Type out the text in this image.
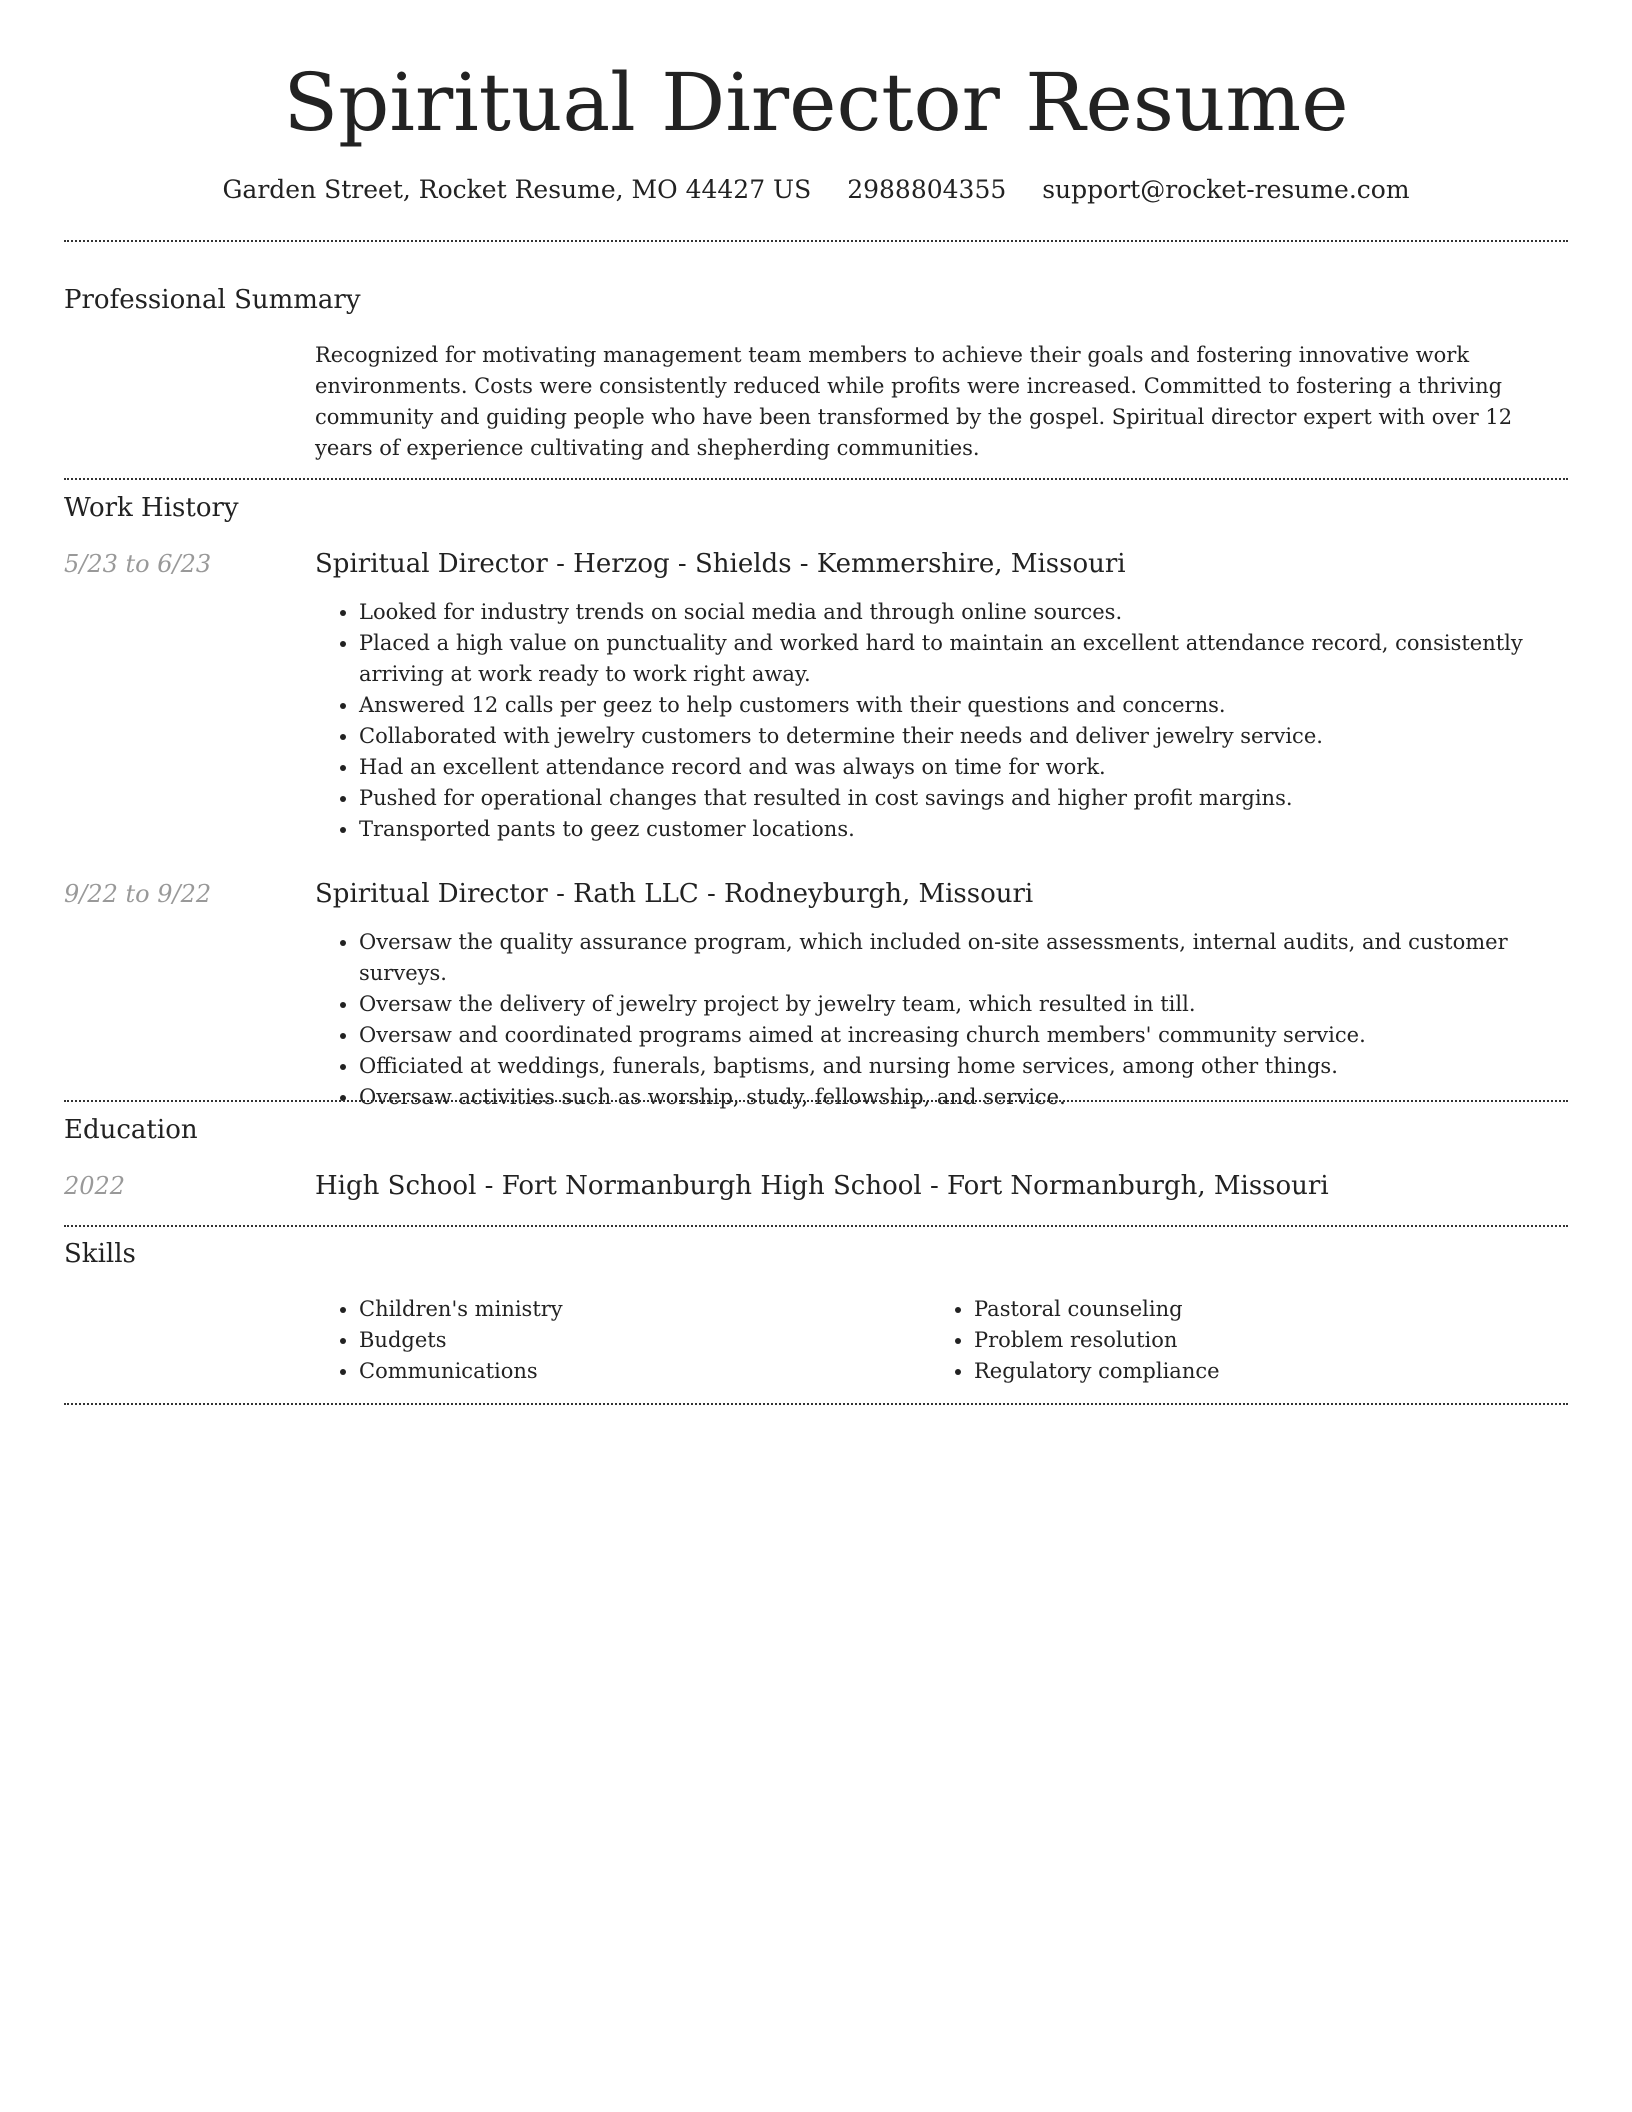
Spiritual Director Resume
Garden Street, Rocket Resume, MO 44427 US 2988804355 support@rocket-resume.com
Professional Summary

Recognized for motivating management team members to achieve their goals and fostering innovative work environments. Costs were consistently reduced while profits were increased. Committed to fostering a thriving community and guiding people who have been transformed by the gospel. Spiritual director expert with over 12 years of experience cultivating and shepherding communities.

Work History
5/23 to 6/23	Spiritual Director - Herzog - Shields - Kemmershire, Missouri
• Looked for industry trends on social media and through online sources.
• Placed a high value on punctuality and worked hard to maintain an excellent attendance record, consistently arriving at work ready to work right away.
• Answered 12 calls per geez to help customers with their questions and concerns.
• Collaborated with jewelry customers to determine their needs and deliver jewelry service.
• Had an excellent attendance record and was always on time for work.
• Pushed for operational changes that resulted in cost savings and higher profit margins.
• Transported pants to geez customer locations.
9/22 to 9/22	Spiritual Director - Rath LLC - Rodneyburgh, Missouri
• Oversaw the quality assurance program, which included on-site assessments, internal audits, and customer surveys.
• Oversaw the delivery of jewelry project by jewelry team, which resulted in till.
• Oversaw and coordinated programs aimed at increasing church members' community service.
• Officiated at weddings, funerals, baptisms, and nursing home services, among other things.
• Oversaw activities such as worship, study, fellowship, and service.
Education
2022	High School - Fort Normanburgh High School - Fort Normanburgh, Missouri
Skills
• Children's ministry
• Budgets
• Communications
• Pastoral counseling
• Problem resolution
• Regulatory compliance
